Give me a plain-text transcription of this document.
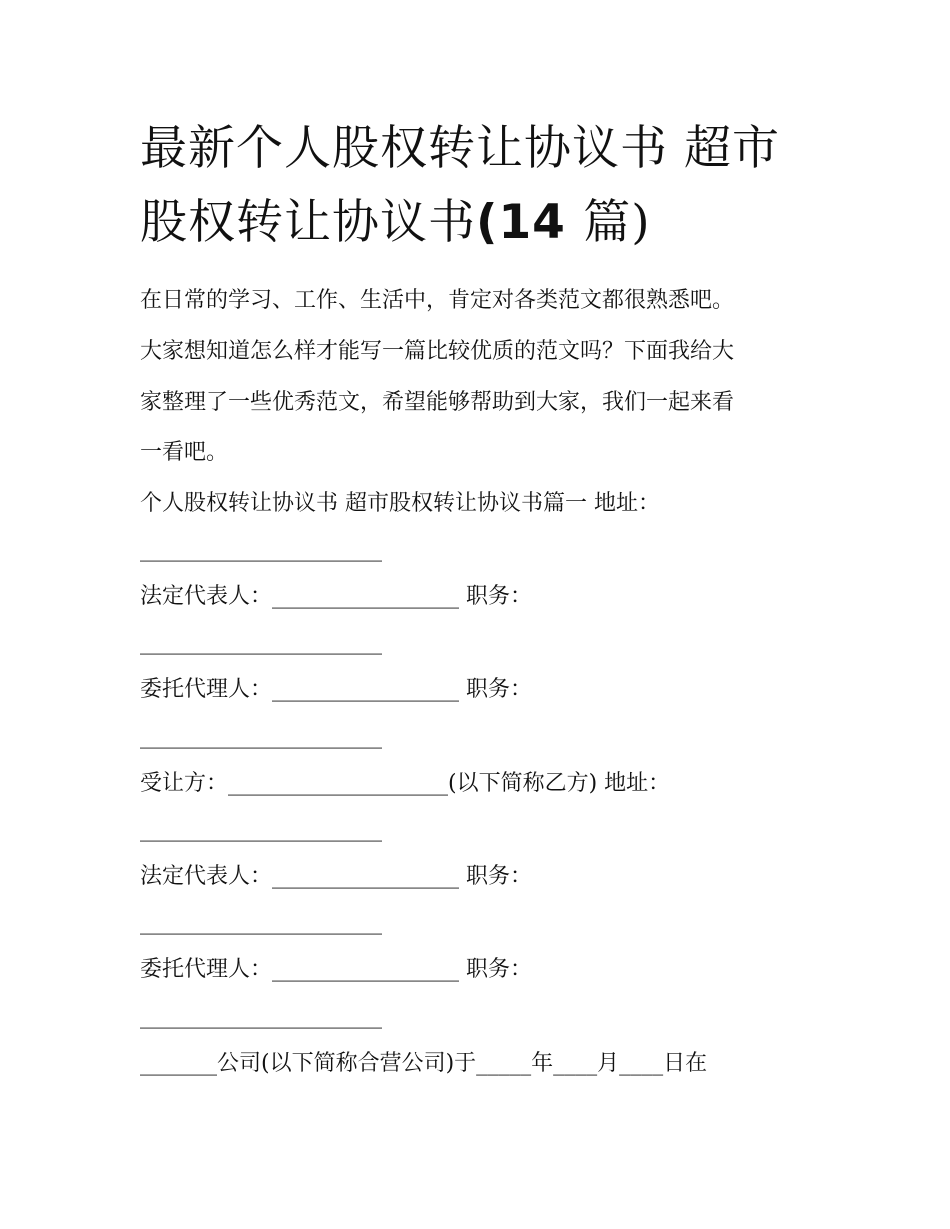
最新个人股权转让协议书 超市
股权转让协议书(14 篇)
在日常的学习、工作、生活中，肯定对各类范文都很熟悉吧。
大家想知道怎么样才能写一篇比较优质的范文吗？下面我给大
家整理了一些优秀范文，希望能够帮助到大家，我们一起来看
一看吧。
个人股权转让协议书 超市股权转让协议书篇一 地址：
______________________
法定代表人：_________________ 职务：
______________________
委托代理人：_________________ 职务：
______________________
受让方：____________________(以下简称乙方) 地址：
______________________
法定代表人：_________________ 职务：
______________________
委托代理人：_________________ 职务：
______________________
_______公司(以下简称合营公司)于_____年____月____日在
